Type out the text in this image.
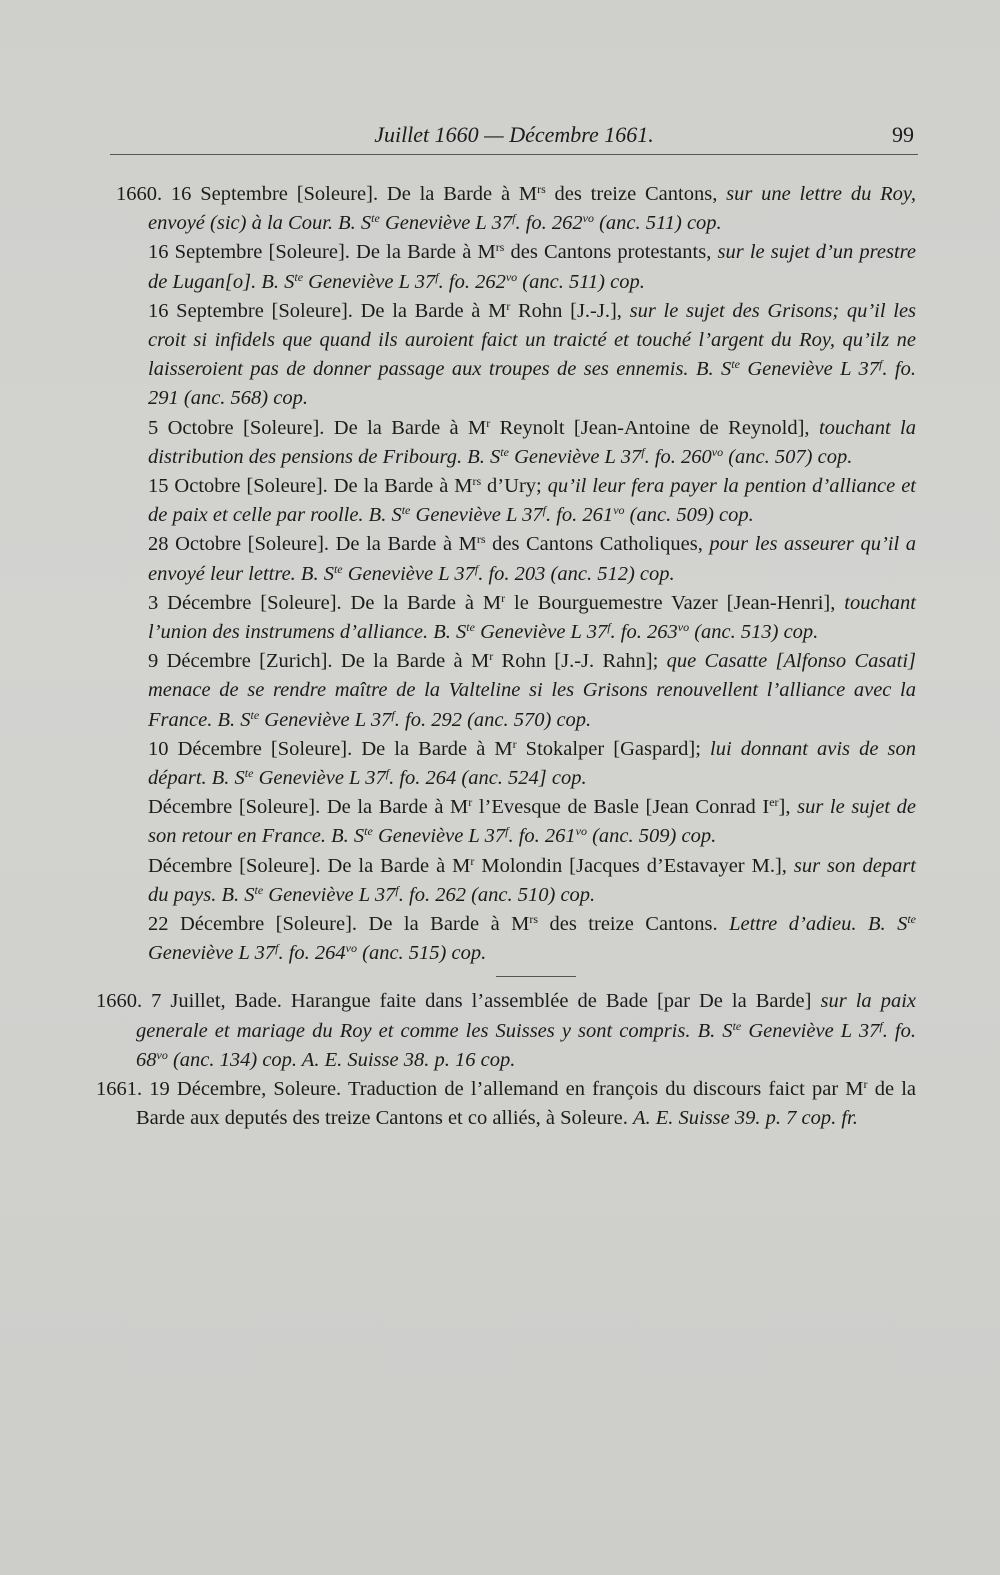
Juillet 1660 — Décembre 1661.	99

1660. 16 Septembre [Soleure]. De la Barde à $M^{rs}$ des treize Cantons, sur une lettre du Roy, envoyé (sic) à la Cour. B. $S^{te}$ Geneviève L 37$^f$. fo. $262^{vo}$ (anc. 511) cop.

16 Septembre [Soleure]. De la Barde à $M^{rs}$ des Cantons protestants, sur le sujet d’un prestre de Lugan[o]. B. $S^{te}$ Geneviève L 37$^f$. fo. $262^{vo}$ (anc. 511) cop.

16 Septembre [Soleure]. De la Barde à $M^r$ Rohn [J.-J.], sur le sujet des Grisons; qu’il les croit si infidels que quand ils auroient faict un traicté et touché l’argent du Roy, qu’ilz ne laisseroient pas de donner passage aux troupes de ses ennemis. B. $S^{te}$ Geneviève L 37$^f$. fo. 291 (anc. 568) cop.

5 Octobre [Soleure]. De la Barde à $M^r$ Reynolt [Jean-Antoine de Reynold], touchant la distribution des pensions de Fribourg. B. $S^{te}$ Geneviève L 37$^f$. fo. $260^{vo}$ (anc. 507) cop.

15 Octobre [Soleure]. De la Barde à $M^{rs}$ d’Ury; qu’il leur fera payer la pention d’alliance et de paix et celle par roolle. B. $S^{te}$ Geneviève L 37$^f$. fo. $261^{vo}$ (anc. 509) cop.

28 Octobre [Soleure]. De la Barde à $M^{rs}$ des Cantons Catholiques, pour les asseurer qu’il a envoyé leur lettre. B. $S^{te}$ Geneviève L 37$^f$. fo. 203 (anc. 512) cop.

3 Décembre [Soleure]. De la Barde à $M^r$ le Bourguemestre Vazer [Jean-Henri], touchant l’union des instrumens d’alliance. B. $S^{te}$ Geneviève L 37$^f$. fo. $263^{vo}$ (anc. 513) cop.

9 Décembre [Zurich]. De la Barde à $M^r$ Rohn [J.-J. Rahn]; que Casatte [Alfonso Casati] menace de se rendre maître de la Valteline si les Grisons renouvellent l’alliance avec la France. B. $S^{te}$ Geneviève L 37$^f$. fo. 292 (anc. 570) cop.

10 Décembre [Soleure]. De la Barde à $M^r$ Stokalper [Gaspard]; lui donnant avis de son départ. B. $S^{te}$ Geneviève L 37$^f$. fo. 264 (anc. 524] cop.

Décembre [Soleure]. De la Barde à $M^r$ l’Evesque de Basle [Jean Conrad Ier], sur le sujet de son retour en France. B. $S^{te}$ Geneviève L 37$^f$. fo. $261^{vo}$ (anc. 509) cop.

Décembre [Soleure]. De la Barde à $M^r$ Molondin [Jacques d’Estavayer M.], sur son depart du pays. B. $S^{te}$ Geneviève L 37$^f$. fo. 262 (anc. 510) cop.

22 Décembre [Soleure]. De la Barde à $M^{rs}$ des treize Cantons. Lettre d’adieu. B. $S^{te}$ Geneviève L 37$^f$. fo. $264^{vo}$ (anc. 515) cop.

1660. 7 Juillet, Bade. Harangue faite dans l’assemblée de Bade [par De la Barde] sur la paix generale et mariage du Roy et comme les Suisses y sont compris. B. $S^{te}$ Geneviève L 37$^f$. fo. $68^{vo}$ (anc. 134) cop. A. E. Suisse 38. p. 16 cop.

1661. 19 Décembre, Soleure. Traduction de l’allemand en françois du discours faict par $M^r$ de la Barde aux deputés des treize Cantons et co alliés, à Soleure. A. E. Suisse 39. p. 7 cop. fr.
